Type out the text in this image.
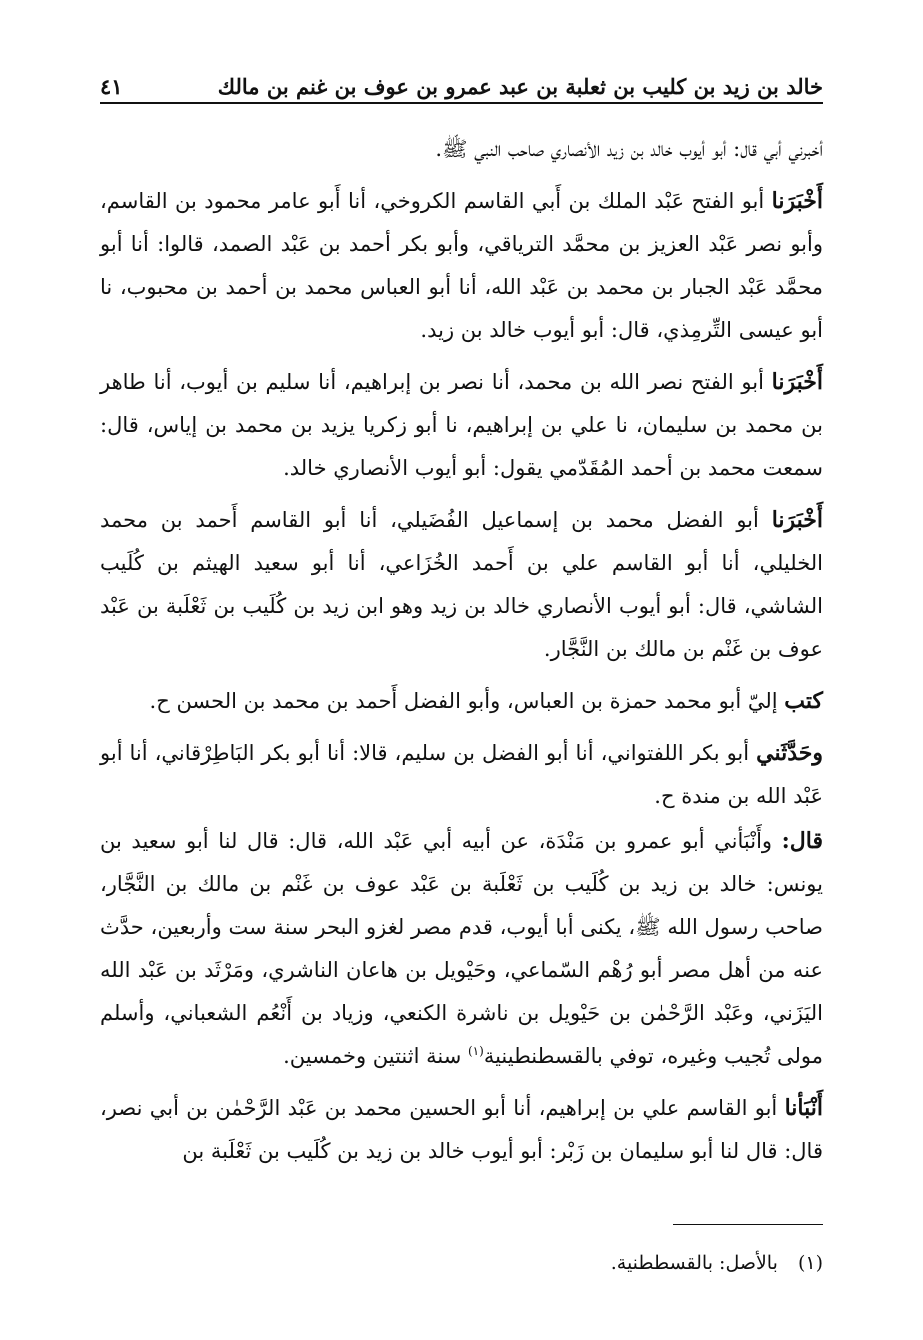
خالد بن زيد بن كليب بن ثعلبة بن عبد عمرو بن عوف بن غنم بن مالك
٤١

أخبرني أبي قال: أبو أيوب خالد بن زيد الأنصاري صاحب النبي ﷺ.

أَخْبَرَنا أبو الفتح عَبْد الملك بن أَبي القاسم الكروخي، أنا أَبو عامر محمود بن القاسم، وأبو نصر عَبْد العزيز بن محمَّد الترياقي، وأبو بكر أحمد بن عَبْد الصمد، قالوا: أنا أبو محمَّد عَبْد الجبار بن محمد بن عَبْد الله، أنا أبو العباس محمد بن أحمد بن محبوب، نا أبو عيسى التِّرمِذي، قال: أبو أيوب خالد بن زيد.

أَخْبَرَنا أبو الفتح نصر الله بن محمد، أنا نصر بن إبراهيم، أنا سليم بن أيوب، أنا طاهر بن محمد بن سليمان، نا علي بن إبراهيم، نا أبو زكريا يزيد بن محمد بن إياس، قال: سمعت محمد بن أحمد المُقَدّمي يقول: أبو أيوب الأنصاري خالد.

أَخْبَرَنا أبو الفضل محمد بن إسماعيل الفُضَيلي، أنا أبو القاسم أَحمد بن محمد الخليلي، أنا أبو القاسم علي بن أَحمد الخُزَاعي، أنا أبو سعيد الهيثم بن كُلَيب الشاشي، قال: أبو أيوب الأنصاري خالد بن زيد وهو ابن زيد بن كُلَيب بن ثَعْلَبة بن عَبْد عوف بن غَنْم بن مالك بن النَّجَّار.

كتب إليّ أبو محمد حمزة بن العباس، وأبو الفضل أَحمد بن محمد بن الحسن ح.

وحَدَّثَني أبو بكر اللفتواني، أنا أبو الفضل بن سليم، قالا: أنا أبو بكر البَاطِرْقاني، أنا أبو عَبْد الله بن مندة ح.

قال: وأَنْبَأني أبو عمرو بن مَنْدَة، عن أبيه أبي عَبْد الله، قال: قال لنا أبو سعيد بن يونس: خالد بن زيد بن كُلَيب بن ثَعْلَبة بن عَبْد عوف بن غَنْم بن مالك بن النَّجَّار، صاحب رسول الله ﷺ، يكنى أبا أيوب، قدم مصر لغزو البحر سنة ست وأربعين، حدَّث عنه من أهل مصر أبو رُهْم السّماعي، وحَيْويل بن هاعان الناشري، ومَرْثَد بن عَبْد الله اليَزَني، وعَبْد الرَّحْمٰن بن حَيْويل بن ناشرة الكنعي، وزياد بن أَنْعُم الشعباني، وأسلم مولى تُجيب وغيره، توفي بالقسطنطينية$^{(١)}$ سنة اثنتين وخمسين.

أَنْبَأنا أبو القاسم علي بن إبراهيم، أنا أبو الحسين محمد بن عَبْد الرَّحْمٰن بن أبي نصر، قال: قال لنا أبو سليمان بن زَبْر: أبو أيوب خالد بن زيد بن كُلَيب بن ثَعْلَبة بن

(١) بالأصل: بالقسططنية.
